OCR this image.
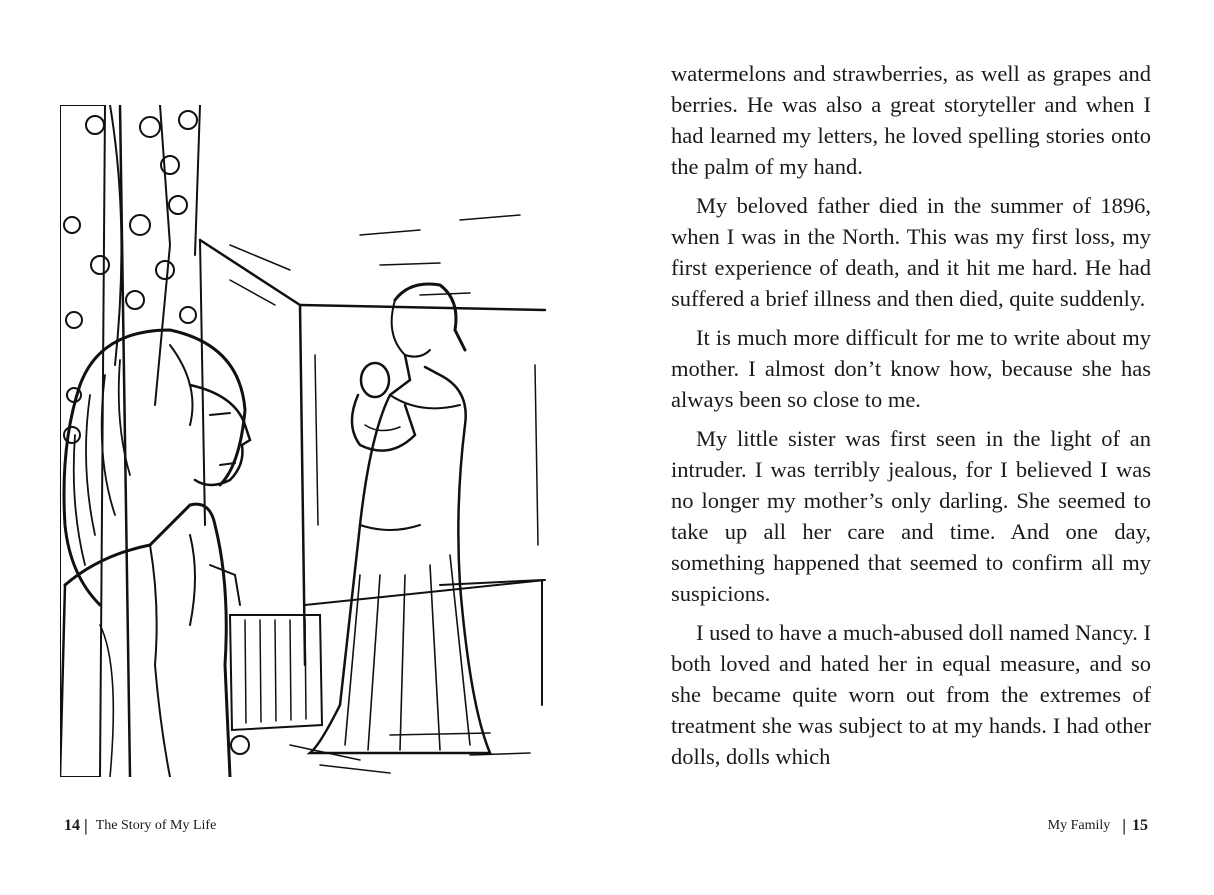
14 | The Story of My Life

watermelons and strawberries, as well as grapes and berries. He was also a great storyteller and when I had learned my letters, he loved spelling stories onto the palm of my hand.

My beloved father died in the summer of 1896, when I was in the North. This was my first loss, my first experience of death, and it hit me hard. He had suffered a brief illness and then died, quite suddenly.

It is much more difficult for me to write about my mother. I almost don’t know how, because she has always been so close to me.

My little sister was first seen in the light of an intruder. I was terribly jealous, for I believed I was no longer my mother’s only darling. She seemed to take up all her care and time. And one day, something happened that seemed to confirm all my suspicions.

I used to have a much-abused doll named Nancy. I both loved and hated her in equal measure, and so she became quite worn out from the extremes of treatment she was subject to at my hands. I had other dolls, dolls which

My Family | 15
